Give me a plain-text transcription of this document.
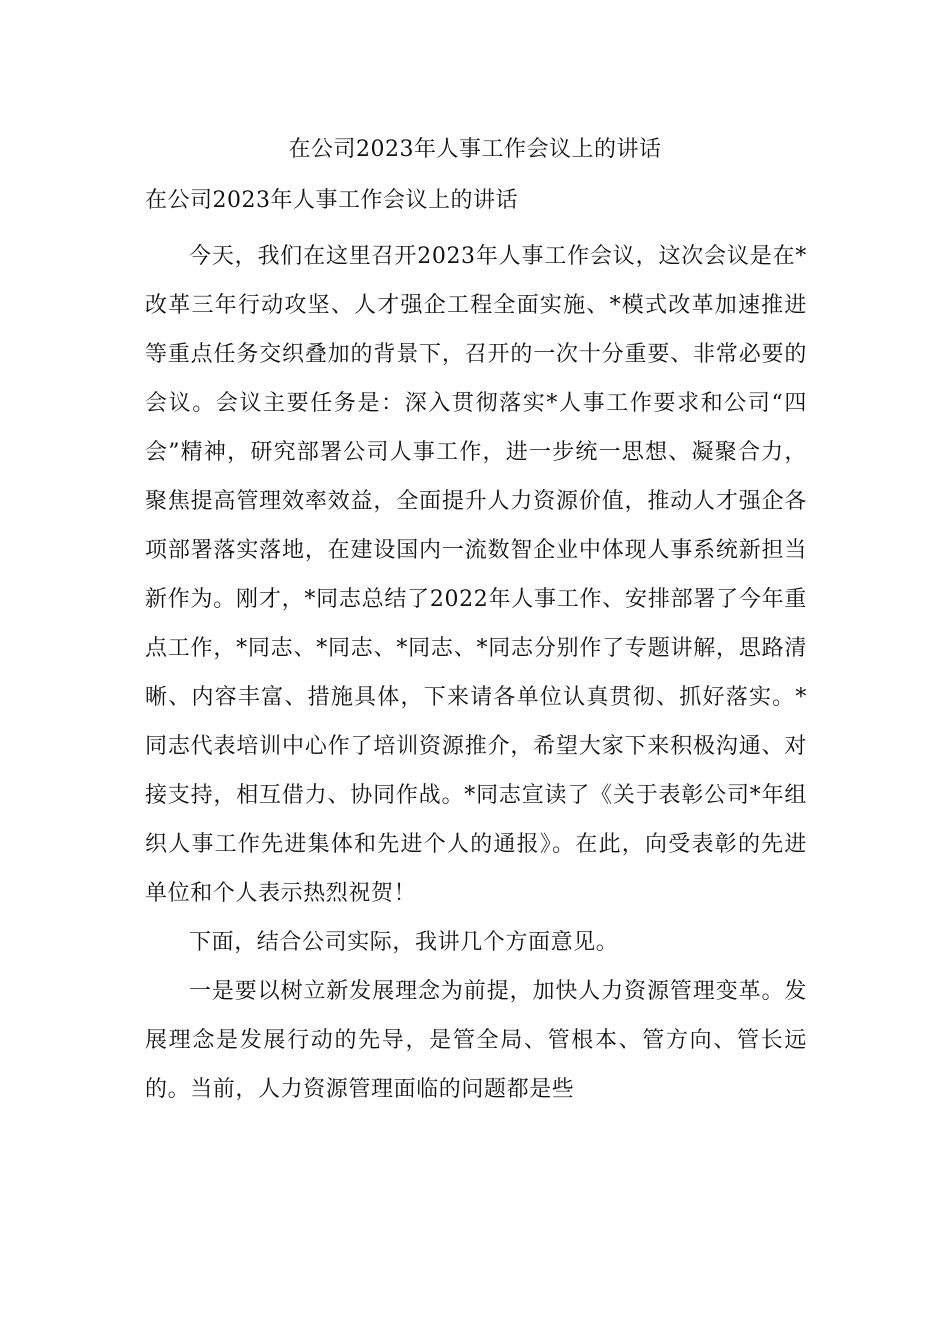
在公司2023年人事工作会议上的讲话
在公司2023年人事工作会议上的讲话

今天，我们在这里召开2023年人事工作会议，这次会议是在*改革三年行动攻坚、人才强企工程全面实施、*模式改革加速推进等重点任务交织叠加的背景下，召开的一次十分重要、非常必要的会议。会议主要任务是：深入贯彻落实*人事工作要求和公司“四会”精神，研究部署公司人事工作，进一步统一思想、凝聚合力，聚焦提高管理效率效益，全面提升人力资源价值，推动人才强企各项部署落实落地，在建设国内一流数智企业中体现人事系统新担当新作为。刚才，*同志总结了2022年人事工作、安排部署了今年重点工作，*同志、*同志、*同志、*同志分别作了专题讲解，思路清晰、内容丰富、措施具体，下来请各单位认真贯彻、抓好落实。*同志代表培训中心作了培训资源推介，希望大家下来积极沟通、对接支持，相互借力、协同作战。*同志宣读了《关于表彰公司*年组织人事工作先进集体和先进个人的通报》。在此，向受表彰的先进单位和个人表示热烈祝贺！

下面，结合公司实际，我讲几个方面意见。

一是要以树立新发展理念为前提，加快人力资源管理变革。发展理念是发展行动的先导，是管全局、管根本、管方向、管长远的。当前，人力资源管理面临的问题都是些
